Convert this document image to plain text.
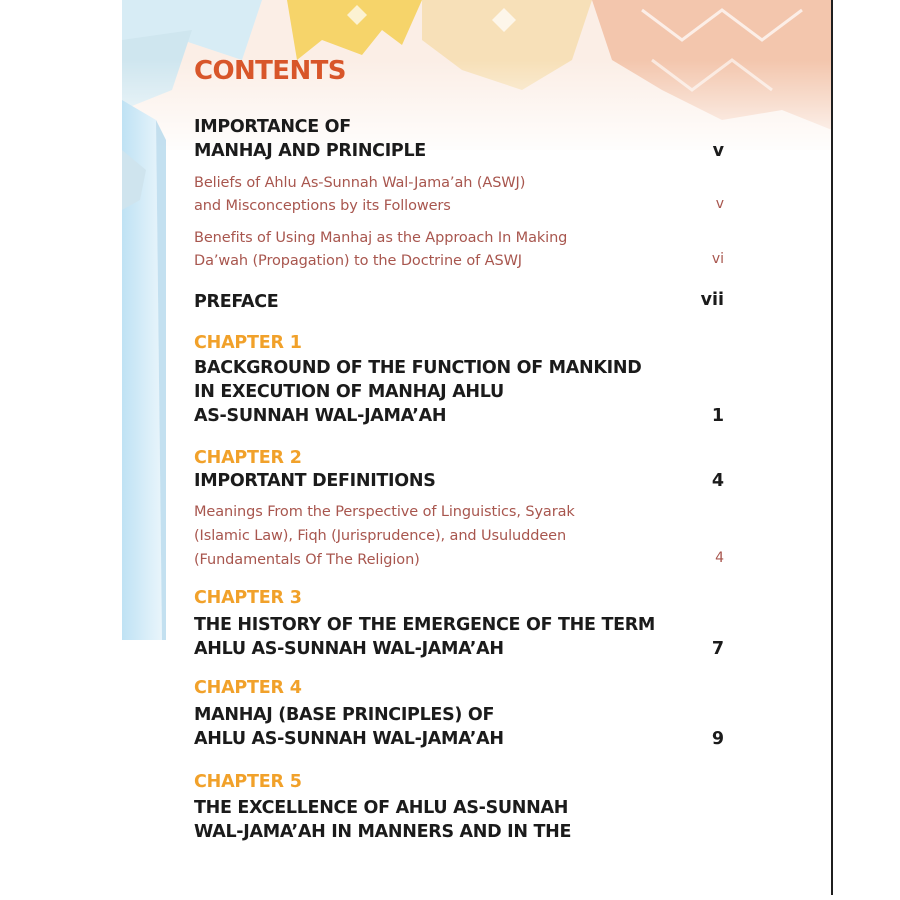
CONTENTS
IMPORTANCE OF
MANHAJ AND PRINCIPLE	v
Beliefs of Ahlu As-Sunnah Wal-Jama’ah (ASWJ)
and Misconceptions by its Followers	v
Benefits of Using Manhaj as the Approach In Making
Da’wah (Propagation) to the Doctrine of ASWJ	vi
PREFACE	vii
CHAPTER 1
BACKGROUND OF THE FUNCTION OF MANKIND
IN EXECUTION OF MANHAJ AHLU
AS-SUNNAH WAL-JAMA’AH	1
CHAPTER 2
IMPORTANT DEFINITIONS	4
Meanings From the Perspective of Linguistics, Syarak
(Islamic Law), Fiqh (Jurisprudence), and Usuluddeen
(Fundamentals Of The Religion)	4
CHAPTER 3
THE HISTORY OF THE EMERGENCE OF THE TERM
AHLU AS-SUNNAH WAL-JAMA’AH	7
CHAPTER 4
MANHAJ (BASE PRINCIPLES) OF
AHLU AS-SUNNAH WAL-JAMA’AH	9
CHAPTER 5
THE EXCELLENCE OF AHLU AS-SUNNAH
WAL-JAMA’AH IN MANNERS AND IN THE
